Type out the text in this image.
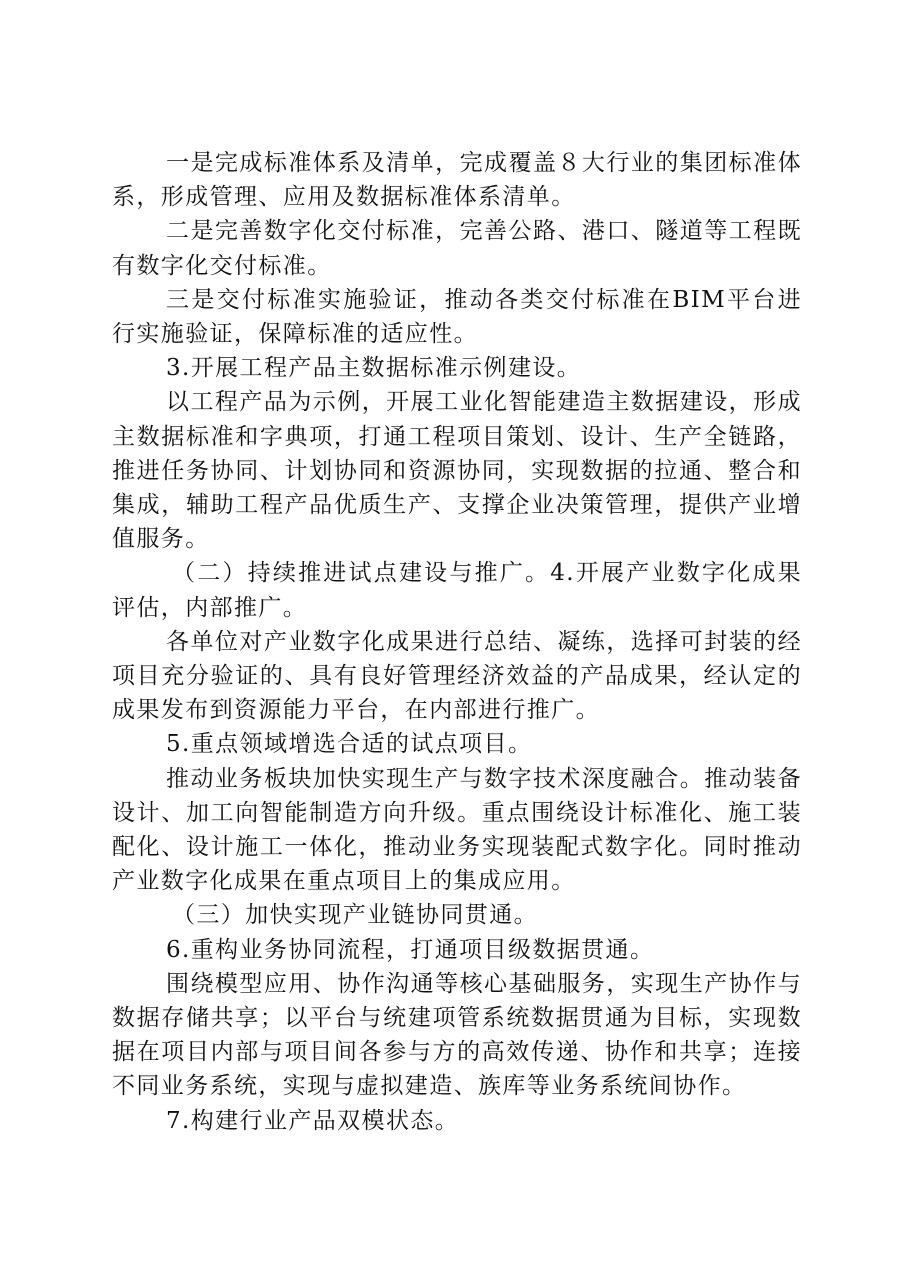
一是完成标准体系及清单，完成覆盖８大行业的集团标准体系，形成管理、应用及数据标准体系清单。

二是完善数字化交付标准，完善公路、港口、隧道等工程既有数字化交付标准。

三是交付标准实施验证，推动各类交付标准在BIM平台进行实施验证，保障标准的适应性。

3.开展工程产品主数据标准示例建设。

以工程产品为示例，开展工业化智能建造主数据建设，形成主数据标准和字典项，打通工程项目策划、设计、生产全链路，推进任务协同、计划协同和资源协同，实现数据的拉通、整合和集成，辅助工程产品优质生产、支撑企业决策管理，提供产业增值服务。

（二）持续推进试点建设与推广。4.开展产业数字化成果评估，内部推广。

各单位对产业数字化成果进行总结、凝练，选择可封装的经项目充分验证的、具有良好管理经济效益的产品成果，经认定的成果发布到资源能力平台，在内部进行推广。

5.重点领域增选合适的试点项目。

推动业务板块加快实现生产与数字技术深度融合。推动装备设计、加工向智能制造方向升级。重点围绕设计标准化、施工装配化、设计施工一体化，推动业务实现装配式数字化。同时推动产业数字化成果在重点项目上的集成应用。

（三）加快实现产业链协同贯通。

6.重构业务协同流程，打通项目级数据贯通。

围绕模型应用、协作沟通等核心基础服务，实现生产协作与数据存储共享；以平台与统建项管系统数据贯通为目标，实现数据在项目内部与项目间各参与方的高效传递、协作和共享；连接不同业务系统，实现与虚拟建造、族库等业务系统间协作。

7.构建行业产品双模状态。
